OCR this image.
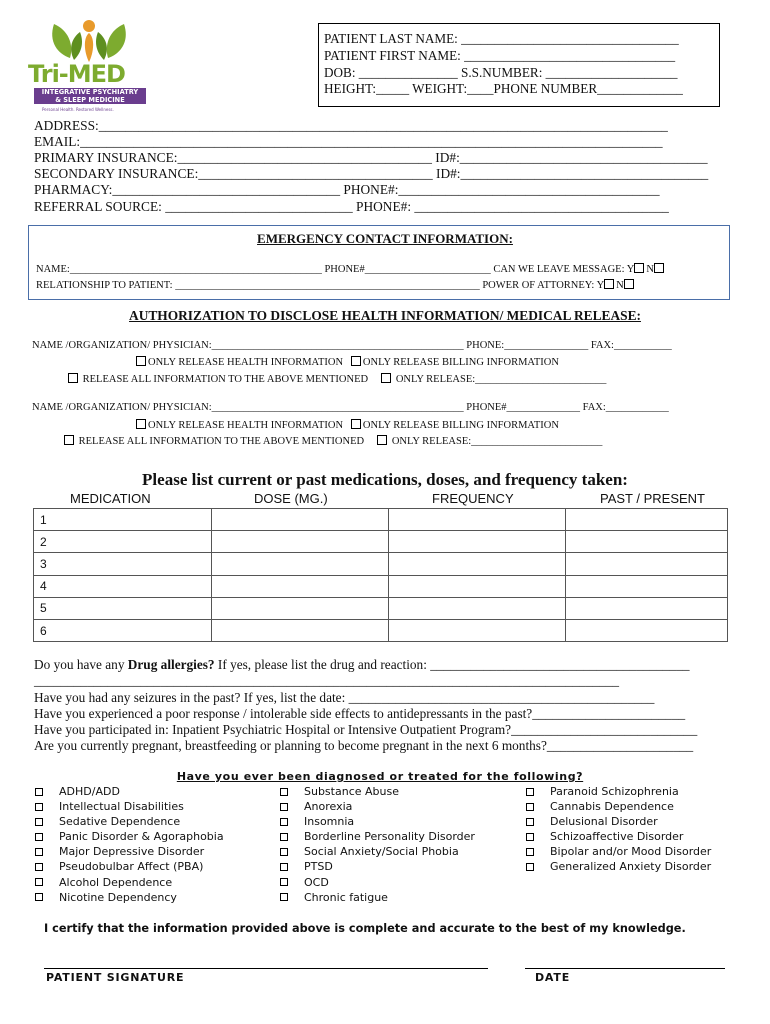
Tri-MED
INTEGRATIVE PSYCHIATRY
& SLEEP MEDICINE
Personal Health. Restored Wellness.
PATIENT LAST NAME: _________________________________
PATIENT FIRST NAME: ________________________________
DOB: _______________ S.S.NUMBER: ____________________
HEIGHT:_____ WEIGHT:____PHONE NUMBER_____________
ADDRESS:_____________________________________________________________________________________
EMAIL:_______________________________________________________________________________________
PRIMARY INSURANCE:______________________________________ ID#:_____________________________________
SECONDARY INSURANCE:___________________________________ ID#:_____________________________________
PHARMACY:__________________________________ PHONE#:_______________________________________
REFERRAL SOURCE: ____________________________ PHONE#: ______________________________________
EMERGENCY CONTACT INFORMATION:
NAME:________________________________________________ PHONE#________________________ CAN WE LEAVE MESSAGE: Y N
RELATIONSHIP TO PATIENT: __________________________________________________________ POWER OF ATTORNEY: Y N
AUTHORIZATION TO DISCLOSE HEALTH INFORMATION/ MEDICAL RELEASE:
NAME /ORGANIZATION/ PHYSICIAN:________________________________________________ PHONE:________________ FAX:___________
ONLY RELEASE HEALTH INFORMATION ONLY RELEASE BILLING INFORMATION
RELEASE ALL INFORMATION TO THE ABOVE MENTIONED	ONLY RELEASE:_________________________
NAME /ORGANIZATION/ PHYSICIAN:________________________________________________ PHONE#______________ FAX:____________
ONLY RELEASE HEALTH INFORMATION ONLY RELEASE BILLING INFORMATION
RELEASE ALL INFORMATION TO THE ABOVE MENTIONED	ONLY RELEASE:_________________________
Please list current or past medications, doses, and frequency taken:
MEDICATION	DOSE (MG.)	FREQUENCY	PAST / PRESENT
1			
2			
3			
4			
5			
6			
Do you have any Drug allergies? If yes, please list the drug and reaction: _______________________________________
________________________________________________________________________________________
Have you had any seizures in the past? If yes, list the date: ______________________________________________
Have you experienced a poor response / intolerable side effects to antidepressants in the past?_______________________
Have you participated in: Inpatient Psychiatric Hospital or Intensive Outpatient Program?____________________________
Are you currently pregnant, breastfeeding or planning to become pregnant in the next 6 months?______________________
Have you ever been diagnosed or treated for the following?
ADHD/ADD
Intellectual Disabilities
Sedative Dependence
Panic Disorder & Agoraphobia
Major Depressive Disorder
Pseudobulbar Affect (PBA)
Alcohol Dependence
Nicotine Dependency
Substance Abuse
Anorexia
Insomnia
Borderline Personality Disorder
Social Anxiety/Social Phobia
PTSD
OCD
Chronic fatigue
Paranoid Schizophrenia
Cannabis Dependence
Delusional Disorder
Schizoaffective Disorder
Bipolar and/or Mood Disorder
Generalized Anxiety Disorder
I certify that the information provided above is complete and accurate to the best of my knowledge.
PATIENT SIGNATURE	DATE
